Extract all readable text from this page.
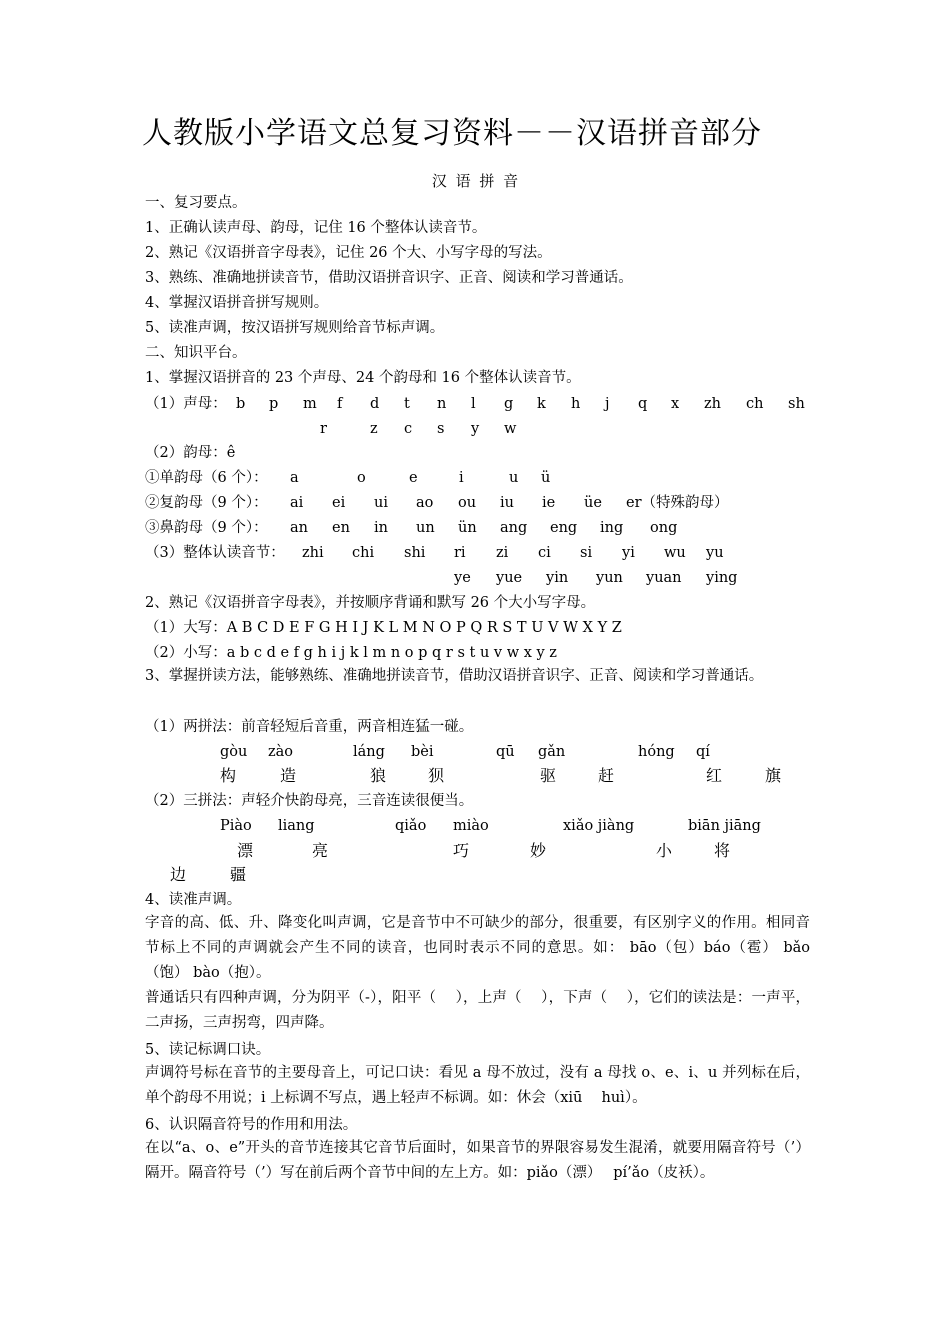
人教版小学语文总复习资料－－汉语拼音部分
汉 语 拼 音
一、复习要点。
1、正确认读声母、韵母，记住 16 个整体认读音节。
2、熟记《汉语拼音字母表》，记住 26 个大、小写字母的写法。
3、熟练、准确地拼读音节，借助汉语拼音识字、正音、阅读和学习普通话。
4、掌握汉语拼音拼写规则。
5、读准声调，按汉语拼写规则给音节标声调。
二、知识平台。
1、掌握汉语拼音的 23 个声母、24 个韵母和 16 个整体认读音节。
（1）声母： b p m f d t n l g k h j q x zh ch sh
r	z c s y w
（2）韵母：ê
①单韵母（6 个）： a	o	e	i	u ü
②复韵母（9 个）： ai ei ui ao ou iu ie üe er（特殊韵母）
③鼻韵母（9 个）： an en in un ün ang eng ing ong
（3）整体认读音节： zhi chi shi ri zi ci si yi wu yu
ye yue yin yun yuan ying
2、熟记《汉语拼音字母表》，并按顺序背诵和默写 26 个大小写字母。
（1）大写：A B C D E F G H I J K L M N O P Q R S T U V W X Y Z
（2）小写：a b c d e f g h i j k l m n o p q r s t u v w x y z
3、掌握拼读方法，能够熟练、准确地拼读音节，借助汉语拼音识字、正音、阅读和学习普通话。
（1）两拼法：前音轻短后音重，两音相连猛一碰。
gòu zào	láng bèi	qū gǎn	hóng qí
构	造	狼	狈	驱	赶	红	旗
（2）三拼法：声轻介快韵母亮，三音连读很便当。
Piào liang	qiǎo miào	xiǎo jiàng	biān jiāng
漂	亮	巧	妙	小	将
边	疆
4、读准声调。
字音的高、低、升、降变化叫声调，它是音节中不可缺少的部分，很重要，有区别字义的作用。相同音节标上不同的声调就会产生不同的读音，也同时表示不同的意思。如： bāo（包）báo（雹） bǎo（饱） bào（抱）。
普通话只有四种声调，分为阴平（-），阳平（　 ），上声（　 ），下声（　 ），它们的读法是：一声平，二声扬，三声拐弯，四声降。
5、读记标调口诀。
声调符号标在音节的主要母音上，可记口诀：看见 a 母不放过，没有 a 母找 o、e、i、u 并列标在后，单个韵母不用说；i 上标调不写点，遇上轻声不标调。如：休会（xiū　 huì）。
6、认识隔音符号的作用和用法。
在以“a、o、e”开头的音节连接其它音节后面时，如果音节的界限容易发生混淆，就要用隔音符号（’）隔开。隔音符号（’）写在前后两个音节中间的左上方。如：piǎo（漂）　 pí’ǎo（皮袄）。
